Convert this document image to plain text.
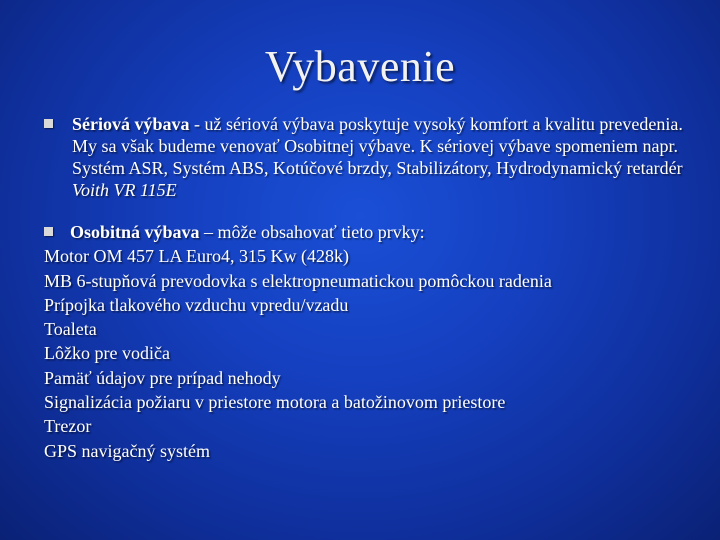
Vybavenie
Sériová výbava - už sériová výbava poskytuje vysoký komfort a kvalitu prevedenia. My sa však budeme venovať Osobitnej výbave. K sériovej výbave spomeniem napr. Systém ASR, Systém ABS, Kotúčové brzdy, Stabilizátory, Hydrodynamický retardér Voith VR 115E
Osobitná výbava – môže obsahovať tieto prvky:
Motor OM 457 LA Euro4, 315 Kw (428k)
MB 6-stupňová prevodovka s elektropneumatickou pomôckou radenia
Prípojka tlakového vzduchu vpredu/vzadu
Toaleta
Lôžko pre vodiča
Pamäť údajov pre prípad nehody
Signalizácia požiaru v priestore motora a batožinovom priestore
Trezor
GPS navigačný systém
